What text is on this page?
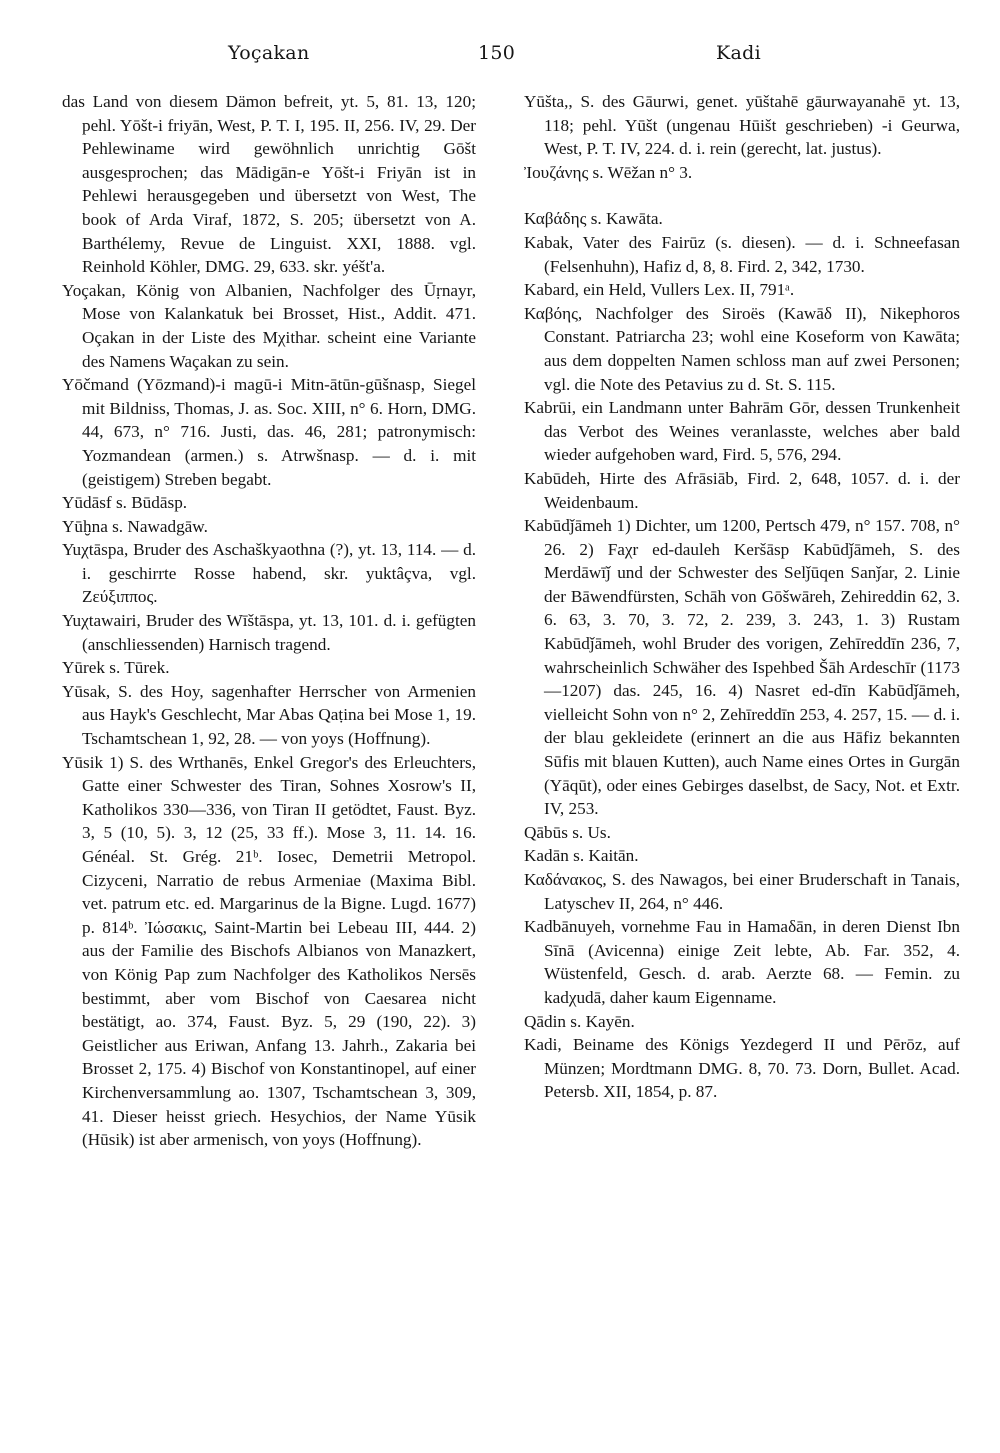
Yoçakan	150	Kadi

das Land von diesem Dämon befreit, yt. 5, 81. 13, 120; pehl. Yōšt-i friyān, West, P. T. I, 195. II, 256. IV, 29. Der Pehlewiname wird gewöhnlich unrichtig Gōšt ausgesprochen; das Mādigān-e Yōšt-i Friyān ist in Pehlewi herausgegeben und übersetzt von West, The book of Arda Viraf, 1872, S. 205; übersetzt von A. Barthélemy, Revue de Linguist. XXI, 1888. vgl. Reinhold Köhler, DMG. 29, 633. skr. yéšt'a.

Yoçakan, König von Albanien, Nachfolger des Ūṛnayr, Mose von Kalankatuk bei Brosset, Hist., Addit. 471. Oçakan in der Liste des Mχithar. scheint eine Variante des Namens Waçakan zu sein.

Yōčmand (Yōzmand)-i magū-i Mitn-ātūn-gūšnasp, Siegel mit Bildniss, Thomas, J. as. Soc. XIII, n° 6. Horn, DMG. 44, 673, n° 716. Justi, das. 46, 281; patronymisch: Yozmandean (armen.) s. Atrwšnasp. — d. i. mit (geistigem) Streben begabt.

Yūdāsf s. Būdāsp.

Yūḫna s. Nawadgāw.

Yuχtāspa, Bruder des Aschaškyaothna (?), yt. 13, 114. — d. i. geschirrte Rosse habend, skr. yuktâçva, vgl. Ζεύξιππος.

Yuχtawairi, Bruder des Wīštāspa, yt. 13, 101. d. i. gefügten (anschliessenden) Harnisch tragend.

Yūrek s. Tūrek.

Yūsak, S. des Hoy, sagenhafter Herrscher von Armenien aus Hayk's Geschlecht, Mar Abas Qaṭina bei Mose 1, 19. Tschamtschean 1, 92, 28. — von yoys (Hoffnung).

Yūsik 1) S. des Wrthanēs, Enkel Gregor's des Erleuchters, Gatte einer Schwester des Tiran, Sohnes Xosrow's II, Katholikos 330—336, von Tiran II getödtet, Faust. Byz. 3, 5 (10, 5). 3, 12 (25, 33 ff.). Mose 3, 11. 14. 16. Généal. St. Grég. 21ᵇ. Iosec, Demetrii Metropol. Cizyceni, Narratio de rebus Armeniae (Maxima Bibl. vet. patrum etc. ed. Margarinus de la Bigne. Lugd. 1677) p. 814ᵇ. Ἰώσακις, Saint-Martin bei Lebeau III, 444. 2) aus der Familie des Bischofs Albianos von Manazkert, von König Pap zum Nachfolger des Katholikos Nersēs bestimmt, aber vom Bischof von Caesarea nicht bestätigt, ao. 374, Faust. Byz. 5, 29 (190, 22). 3) Geistlicher aus Eriwan, Anfang 13. Jahrh., Zakaria bei Brosset 2, 175. 4) Bischof von Konstantinopel, auf einer Kirchenversammlung ao. 1307, Tschamtschean 3, 309, 41. Dieser heisst griech. Hesychios, der Name Yūsik (Hūsik) ist aber armenisch, von yoys (Hoffnung).

Yūšta,, S. des Gāurwi, genet. yūštahē gāurwayanahē yt. 13, 118; pehl. Yūšt (ungenau Hūišt geschrieben) -i Geurwa, West, P. T. IV, 224. d. i. rein (gerecht, lat. justus).

Ἰουζάνης s. Wēžan n° 3.

Καβάδης s. Kawāta.

Kabak, Vater des Fairūz (s. diesen). — d. i. Schneefasan (Felsenhuhn), Hafiz d, 8, 8. Fird. 2, 342, 1730.

Kabard, ein Held, Vullers Lex. II, 791ᵃ.

Καβόης, Nachfolger des Siroës (Kawāδ II), Nikephoros Constant. Patriarcha 23; wohl eine Koseform von Kawāta; aus dem doppelten Namen schloss man auf zwei Personen; vgl. die Note des Petavius zu d. St. S. 115.

Kabrūi, ein Landmann unter Bahrām Gōr, dessen Trunkenheit das Verbot des Weines veranlasste, welches aber bald wieder aufgehoben ward, Fird. 5, 576, 294.

Kabūdeh, Hirte des Afrāsiāb, Fird. 2, 648, 1057. d. i. der Weidenbaum.

Kabūdǰāmeh 1) Dichter, um 1200, Pertsch 479, n° 157. 708, n° 26. 2) Faχr ed-dauleh Keršāsp Kabūdǰāmeh, S. des Merdāwīǰ und der Schwester des Selǰūqen Sanǰar, 2. Linie der Bāwendfürsten, Schāh von Gōšwāreh, Zehireddin 62, 3. 6. 63, 3. 70, 3. 72, 2. 239, 3. 243, 1. 3) Rustam Kabūdǰāmeh, wohl Bruder des vorigen, Zehīreddīn 236, 7, wahrscheinlich Schwäher des Ispehbed Šāh Ardeschīr (1173—1207) das. 245, 16. 4) Nasret ed-dīn Kabūdǰāmeh, vielleicht Sohn von n° 2, Zehīreddīn 253, 4. 257, 15. — d. i. der blau gekleidete (erinnert an die aus Hāfiz bekannten Sūfis mit blauen Kutten), auch Name eines Ortes in Gurgān (Yāqūt), oder eines Gebirges daselbst, de Sacy, Not. et Extr. IV, 253.

Qābūs s. Us.

Kadān s. Kaitān.

Καδάνακος, S. des Nawagos, bei einer Bruderschaft in Tanais, Latyschev II, 264, n° 446.

Kadbānuyeh, vornehme Fau in Hamaδān, in deren Dienst Ibn Sīnā (Avicenna) einige Zeit lebte, Ab. Far. 352, 4. Wüstenfeld, Gesch. d. arab. Aerzte 68. — Femin. zu kadχudā, daher kaum Eigenname.

Qādin s. Kayēn.

Kadi, Beiname des Königs Yezdegerd II und Pērōz, auf Münzen; Mordtmann DMG. 8, 70. 73. Dorn, Bullet. Acad. Petersb. XII, 1854, p. 87.
